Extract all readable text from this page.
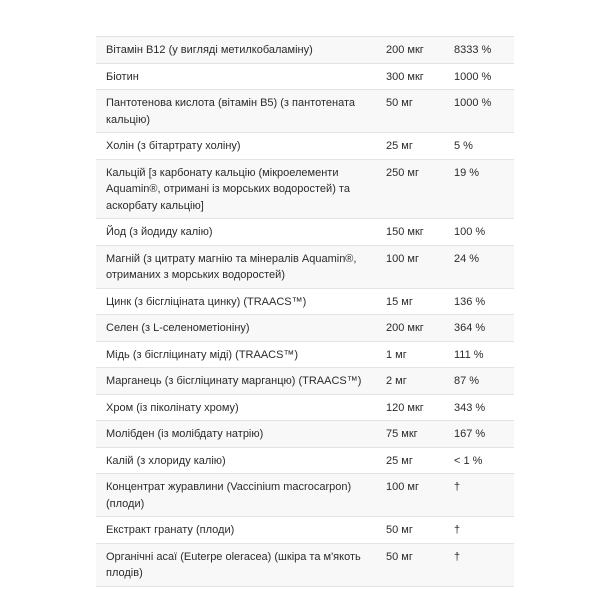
Вітамін B12 (у вигляді метилкобаламіну)	200 мкг	8333 %
Біотин	300 мкг	1000 %
Пантотенова кислота (вітамін B5) (з пантотената кальцію)	50 мг	1000 %
Холін (з бітартрату холіну)	25 мг	5 %
Кальцій [з карбонату кальцію (мікроелементи Aquamin®, отримані із морських водоростей) та аскорбату кальцію]	250 мг	19 %
Йод (з йодиду калію)	150 мкг	100 %
Магній (з цитрату магнію та мінералів Aquamin®, отриманих з морських водоростей)	100 мг	24 %
Цинк (з бісгліціната цинку) (TRAACS™)	15 мг	136 %
Селен (з L-селенометіоніну)	200 мкг	364 %
Мідь (з бісгліцинату міді) (TRAACS™)	1 мг	111 %
Марганець (з бісгліцинату марганцю) (TRAACS™)	2 мг	87 %
Хром (із піколінату хрому)	120 мкг	343 %
Молібден (із молібдату натрію)	75 мкг	167 %
Калій (з хлориду калію)	25 мг	< 1 %
Концентрат журавлини (Vaccinium macrocarpon) (плоди)	100 мг	†
Екстракт гранату (плоди)	50 мг	†
Органічні асаї (Euterpe oleracea) (шкіра та м'якоть плодів)	50 мг	†
